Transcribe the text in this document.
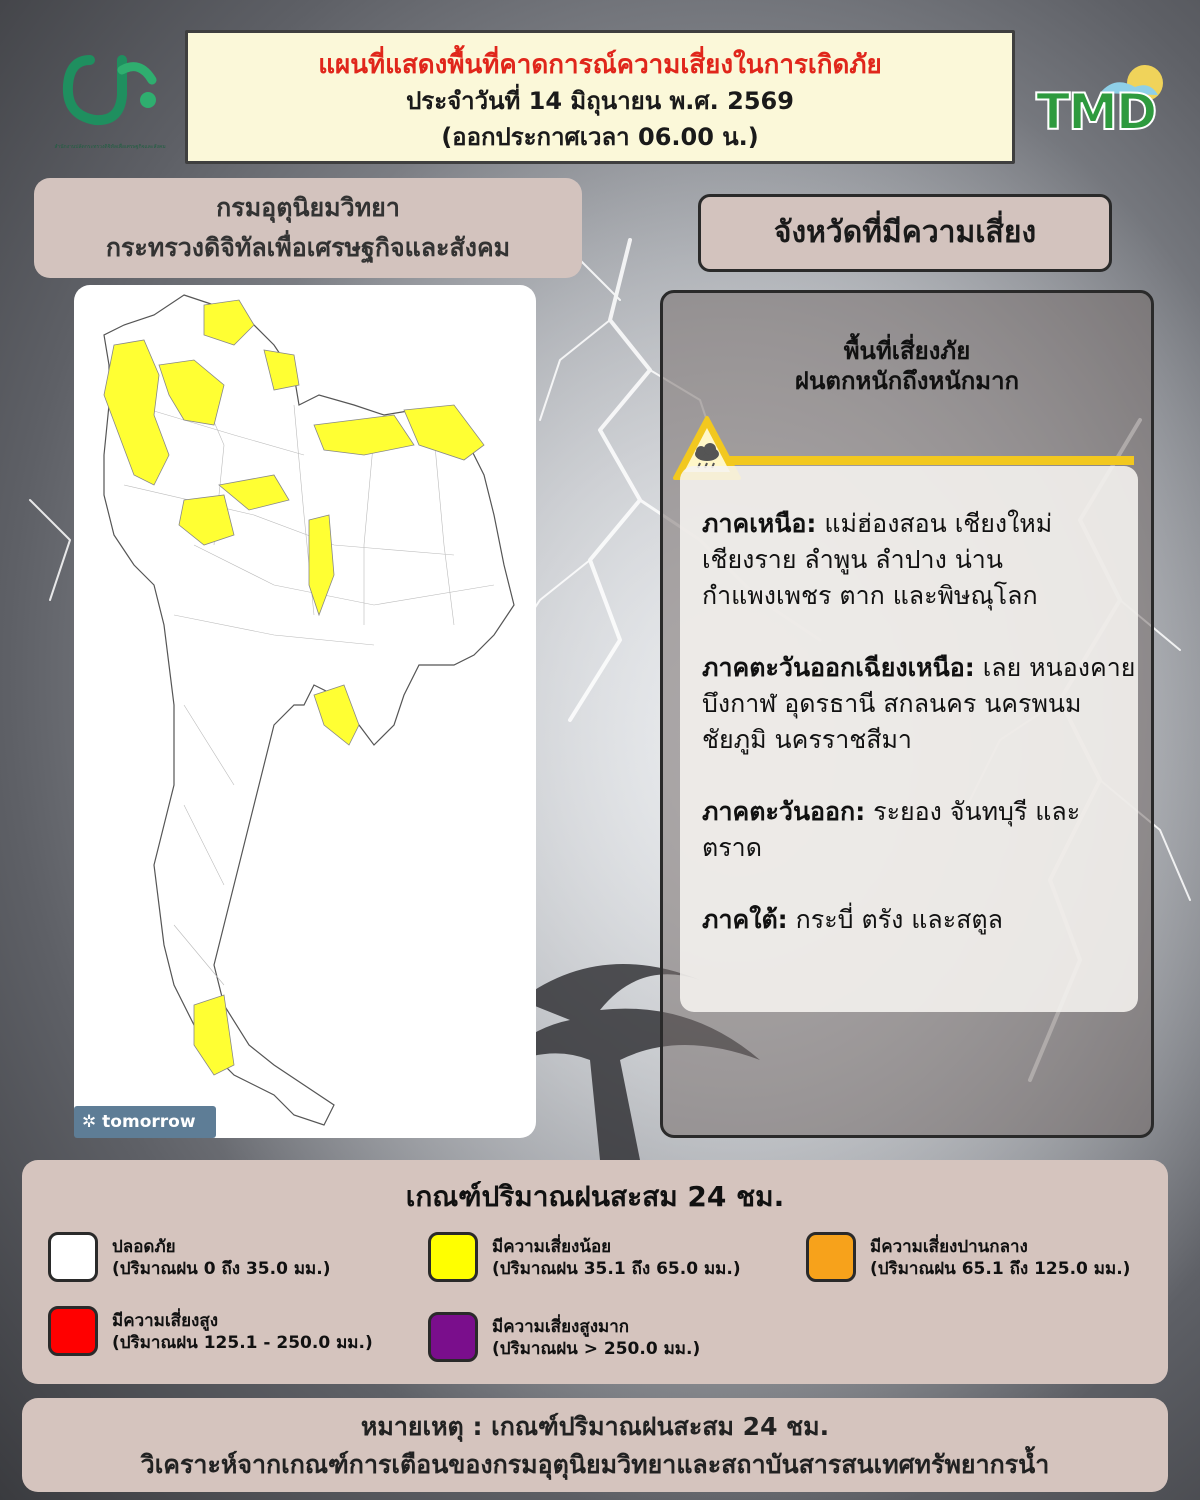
สำนักงานปลัดกระทรวงดิจิทัลเพื่อเศรษฐกิจและสังคม
แผนที่แสดงพื้นที่คาดการณ์ความเสี่ยงในการเกิดภัย
ประจำวันที่ 14 มิถุนายน พ.ศ. 2569
(ออกประกาศเวลา 06.00 น.)	TMD
กรมอุตุนิยมวิทยา
กระทรวงดิจิทัลเพื่อเศรษฐกิจและสังคม	จังหวัดที่มีความเสี่ยง
พื้นที่เสี่ยงภัย
ฝนตกหนักถึงหนักมาก
ภาคเหนือ: แม่ฮ่องสอน เชียงใหม่ เชียงราย ลำพูน ลำปาง น่าน กำแพงเพชร ตาก และพิษณุโลก
ภาคตะวันออกเฉียงเหนือ: เลย หนองคาย บึงกาฬ อุดรธานี สกลนคร นครพนม ชัยภูมิ นครราชสีมา
ภาคตะวันออก: ระยอง จันทบุรี และตราด
ภาคใต้: กระบี่ ตรัง และสตูล
✲ tomorrow
เกณฑ์ปริมาณฝนสะสม 24 ชม.
ปลอดภัย
(ปริมาณฝน 0 ถึง 35.0 มม.)
มีความเสี่ยงน้อย
(ปริมาณฝน 35.1 ถึง 65.0 มม.)
มีความเสี่ยงปานกลาง
(ปริมาณฝน 65.1 ถึง 125.0 มม.)
มีความเสี่ยงสูง
(ปริมาณฝน 125.1 - 250.0 มม.)
มีความเสี่ยงสูงมาก
(ปริมาณฝน > 250.0 มม.)
หมายเหตุ : เกณฑ์ปริมาณฝนสะสม 24 ชม.
วิเคราะห์จากเกณฑ์การเตือนของกรมอุตุนิยมวิทยาและสถาบันสารสนเทศทรัพยากรน้ำ
